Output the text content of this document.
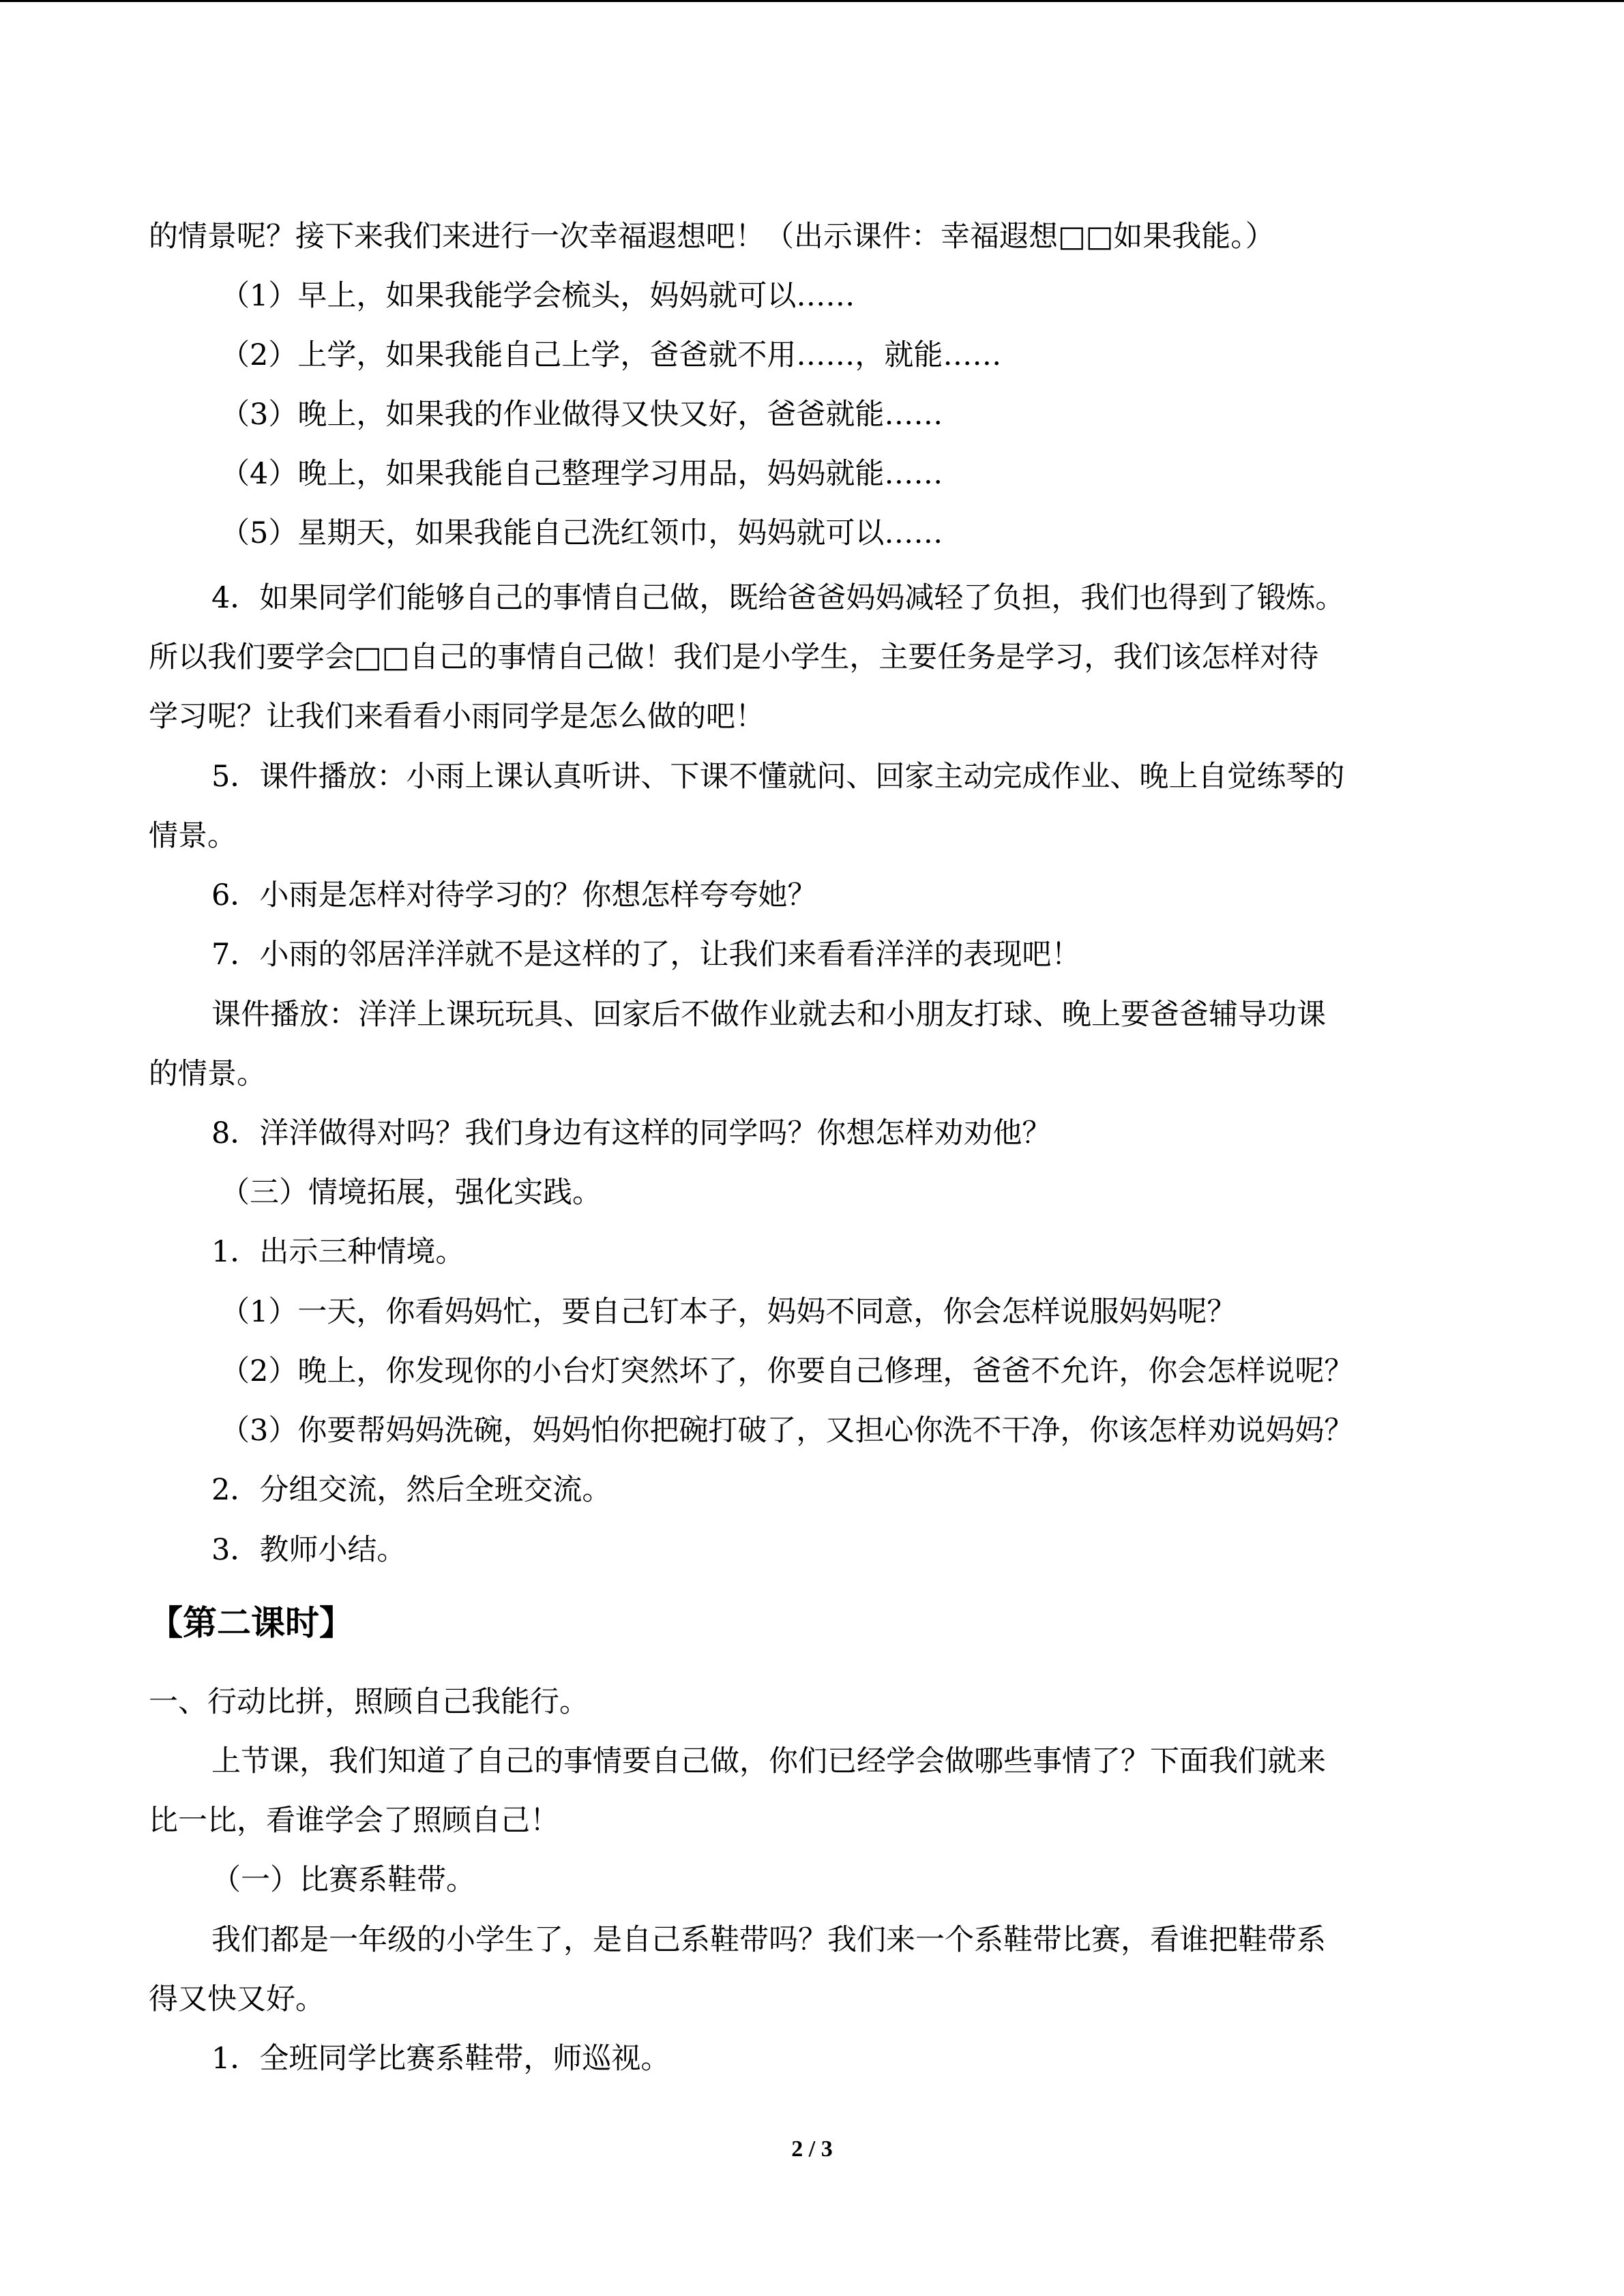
的情景呢？接下来我们来进行一次幸福遐想吧！（出示课件：幸福遐想□□如果我能。）
（1）早上，如果我能学会梳头，妈妈就可以……
（2）上学，如果我能自己上学，爸爸就不用……，就能……
（3）晚上，如果我的作业做得又快又好，爸爸就能……
（4）晚上，如果我能自己整理学习用品，妈妈就能……
（5）星期天，如果我能自己洗红领巾，妈妈就可以……
4．如果同学们能够自己的事情自己做，既给爸爸妈妈减轻了负担，我们也得到了锻炼。
所以我们要学会□□自己的事情自己做！我们是小学生，主要任务是学习，我们该怎样对待
学习呢？让我们来看看小雨同学是怎么做的吧！
5．课件播放：小雨上课认真听讲、下课不懂就问、回家主动完成作业、晚上自觉练琴的
情景。
6．小雨是怎样对待学习的？你想怎样夸夸她？
7．小雨的邻居洋洋就不是这样的了，让我们来看看洋洋的表现吧！
课件播放：洋洋上课玩玩具、回家后不做作业就去和小朋友打球、晚上要爸爸辅导功课
的情景。
8．洋洋做得对吗？我们身边有这样的同学吗？你想怎样劝劝他？
（三）情境拓展，强化实践。
1．出示三种情境。
（1）一天，你看妈妈忙，要自己钉本子，妈妈不同意，你会怎样说服妈妈呢？
（2）晚上，你发现你的小台灯突然坏了，你要自己修理，爸爸不允许，你会怎样说呢？
（3）你要帮妈妈洗碗，妈妈怕你把碗打破了，又担心你洗不干净，你该怎样劝说妈妈？
2．分组交流，然后全班交流。
3．教师小结。
【第二课时】
一、行动比拼，照顾自己我能行。
上节课，我们知道了自己的事情要自己做，你们已经学会做哪些事情了？下面我们就来
比一比，看谁学会了照顾自己！
（一）比赛系鞋带。
我们都是一年级的小学生了，是自己系鞋带吗？我们来一个系鞋带比赛，看谁把鞋带系
得又快又好。
1．全班同学比赛系鞋带，师巡视。
2 / 3
